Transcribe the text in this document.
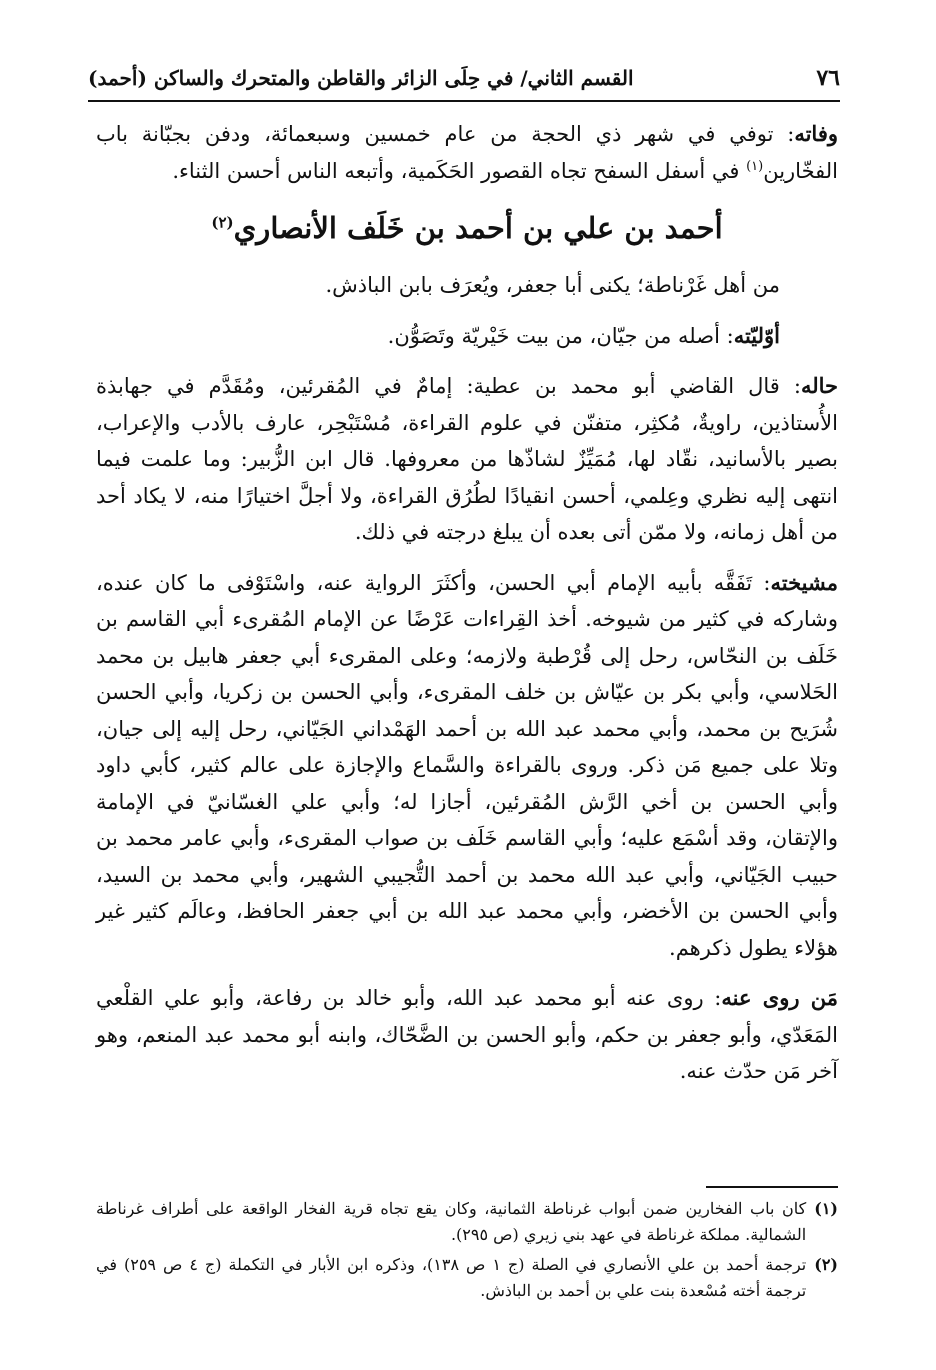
٧٦
القسم الثاني/ في حِلَى الزائر والقاطن والمتحرك والساكن (أحمد)

وفاته: توفي في شهر ذي الحجة من عام خمسين وسبعمائة، ودفن بجبّانة باب الفخّارين$^{(١)}$ في أسفل السفح تجاه القصور الحَكَمية، وأتبعه الناس أحسن الثناء.

أحمد بن علي بن أحمد بن خَلَف الأنصاري$^{(٢)}$

من أهل غَرْناطة؛ يكنى أبا جعفر، ويُعرَف بابن الباذش.

أوّليّته: أصله من جيّان، من بيت خَيْريّة وتَصَوُّن.

حاله: قال القاضي أبو محمد بن عطية: إمامٌ في المُقرئين، ومُقَدَّم في جهابذة الأُستاذين، راويةٌ، مُكثِر، متفنّن في علوم القراءة، مُسْتَبْحِر، عارف بالأدب والإعراب، بصير بالأسانيد، نقّاد لها، مُمَيِّزٌ لشاذّها من معروفها. قال ابن الزُّبير: وما علمت فيما انتهى إليه نظري وعِلمي، أحسن انقيادًا لطُرُق القراءة، ولا أجلَّ اختيارًا منه، لا يكاد أحد من أهل زمانه، ولا ممّن أتى بعده أن يبلغ درجته في ذلك.

مشيخته: تَفَقَّه بأبيه الإمام أبي الحسن، وأكثَرَ الرواية عنه، واسْتَوْفى ما كان عنده، وشاركه في كثير من شيوخه. أخذ القِراءات عَرْضًا عن الإمام المُقرىء أبي القاسم بن خَلَف بن النحّاس، رحل إلى قُرْطبة ولازمه؛ وعلى المقرىء أبي جعفر هابيل بن محمد الحَلاسي، وأبي بكر بن عيّاش بن خلف المقرىء، وأبي الحسن بن زكريا، وأبي الحسن شُرَيح بن محمد، وأبي محمد عبد الله بن أحمد الهَمْداني الجَيّاني، رحل إليه إلى جيان، وتلا على جميع مَن ذكر. وروى بالقراءة والسَّماع والإجازة على عالم كثير، كأبي داود وأبي الحسن بن أخي الرَّش المُقرئين، أجازا له؛ وأبي علي الغسّانيّ في الإمامة والإتقان، وقد أسْمَع عليه؛ وأبي القاسم خَلَف بن صواب المقرىء، وأبي عامر محمد بن حبيب الجَيّاني، وأبي عبد الله محمد بن أحمد التُّجيبي الشهير، وأبي محمد بن السيد، وأبي الحسن بن الأخضر، وأبي محمد عبد الله بن أبي جعفر الحافظ، وعالَم كثير غير هؤلاء يطول ذكرهم.

مَن روى عنه: روى عنه أبو محمد عبد الله، وأبو خالد بن رفاعة، وأبو علي القلْعي المَعَدّي، وأبو جعفر بن حكم، وأبو الحسن بن الضَّحّاك، وابنه أبو محمد عبد المنعم، وهو آخر مَن حدّث عنه.

(١)
كان باب الفخارين ضمن أبواب غرناطة الثمانية، وكان يقع تجاه قرية الفخار الواقعة على أطراف غرناطة الشمالية. مملكة غرناطة في عهد بني زيري (ص ٢٩٥).
(٢)
ترجمة أحمد بن علي الأنصاري في الصلة (ج ١ ص ١٣٨)، وذكره ابن الأبار في التكملة (ج ٤ ص ٢٥٩) في ترجمة أخته مُسْعدة بنت علي بن أحمد بن الباذش.
